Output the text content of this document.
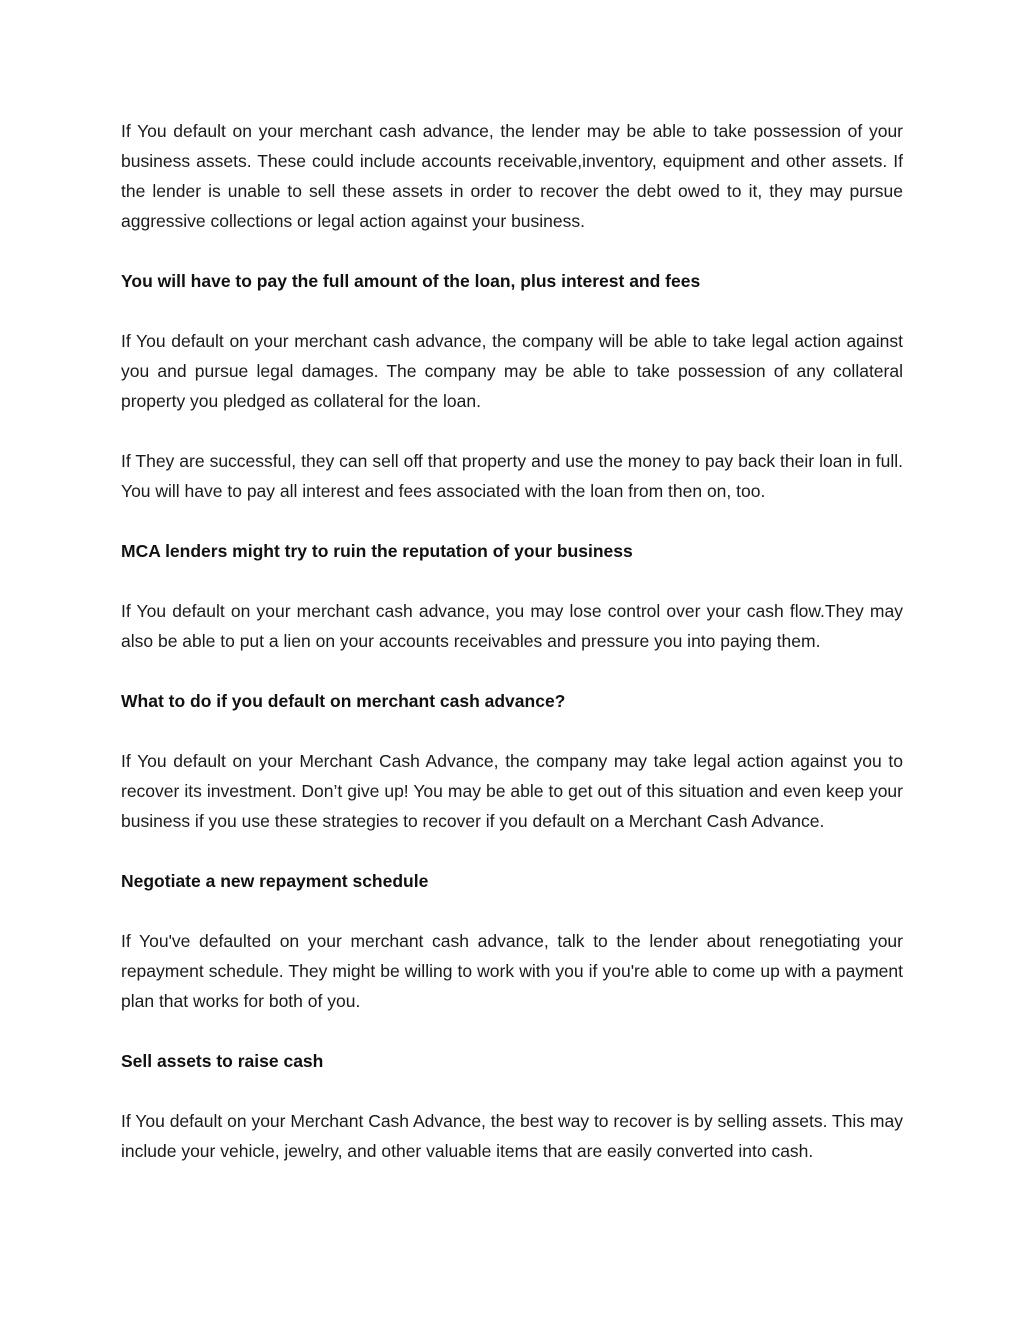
If You default on your merchant cash advance, the lender may be able to take possession of your business assets. These could include accounts receivable,inventory, equipment and other assets. If the lender is unable to sell these assets in order to recover the debt owed to it, they may pursue aggressive collections or legal action against your business.

You will have to pay the full amount of the loan, plus interest and fees

If You default on your merchant cash advance, the company will be able to take legal action against you and pursue legal damages. The company may be able to take possession of any collateral property you pledged as collateral for the loan.

If They are successful, they can sell off that property and use the money to pay back their loan in full. You will have to pay all interest and fees associated with the loan from then on, too.

MCA lenders might try to ruin the reputation of your business

If You default on your merchant cash advance, you may lose control over your cash flow.They may also be able to put a lien on your accounts receivables and pressure you into paying them.

What to do if you default on merchant cash advance?

If You default on your Merchant Cash Advance, the company may take legal action against you to recover its investment. Don’t give up! You may be able to get out of this situation and even keep your business if you use these strategies to recover if you default on a Merchant Cash Advance.

Negotiate a new repayment schedule

If You've defaulted on your merchant cash advance, talk to the lender about renegotiating your repayment schedule. They might be willing to work with you if you're able to come up with a payment plan that works for both of you.

Sell assets to raise cash

If You default on your Merchant Cash Advance, the best way to recover is by selling assets. This may include your vehicle, jewelry, and other valuable items that are easily converted into cash.
